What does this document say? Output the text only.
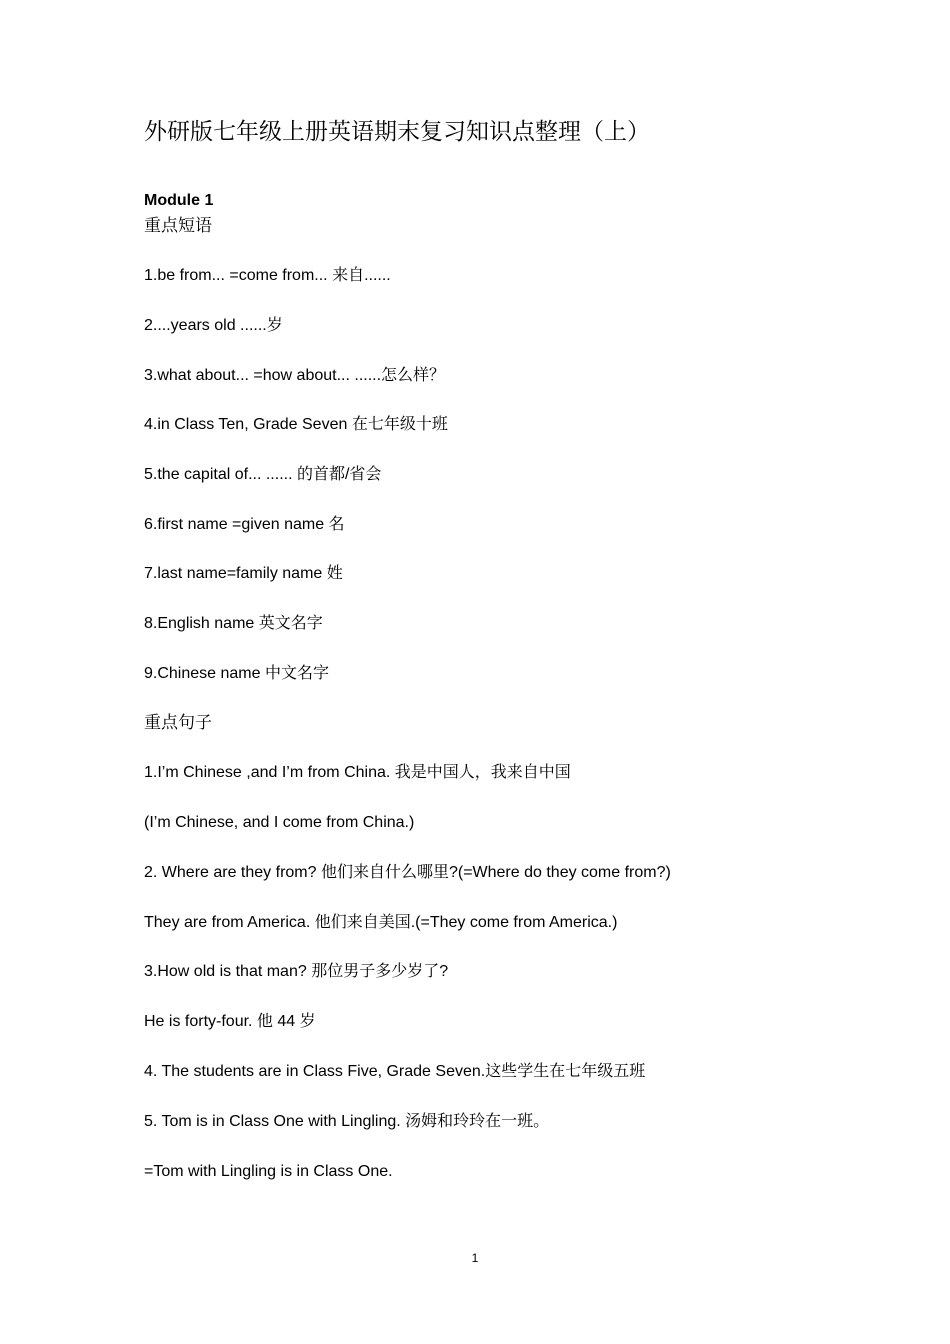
外研版七年级上册英语期末复习知识点整理（上）
Module 1
重点短语
1.be from... =come from... 来自......
2....years old ......岁
3.what about... =how about... ......怎么样？
4.in Class Ten, Grade Seven 在七年级十班
5.the capital of... ...... 的首都/省会
6.first name =given name 名
7.last name=family name 姓
8.English name 英文名字
9.Chinese name 中文名字
重点句子
1.I’m Chinese ,and I’m from China. 我是中国人，我来自中国
(I’m Chinese, and I come from China.)
2. Where are they from? 他们来自什么哪里?(=Where do they come from?)
They are from America. 他们来自美国.(=They come from America.)
3.How old is that man? 那位男子多少岁了?
He is forty-four. 他 44 岁
4. The students are in Class Five, Grade Seven.这些学生在七年级五班
5. Tom is in Class One with Lingling. 汤姆和玲玲在一班。
=Tom with Lingling is in Class One.
1
